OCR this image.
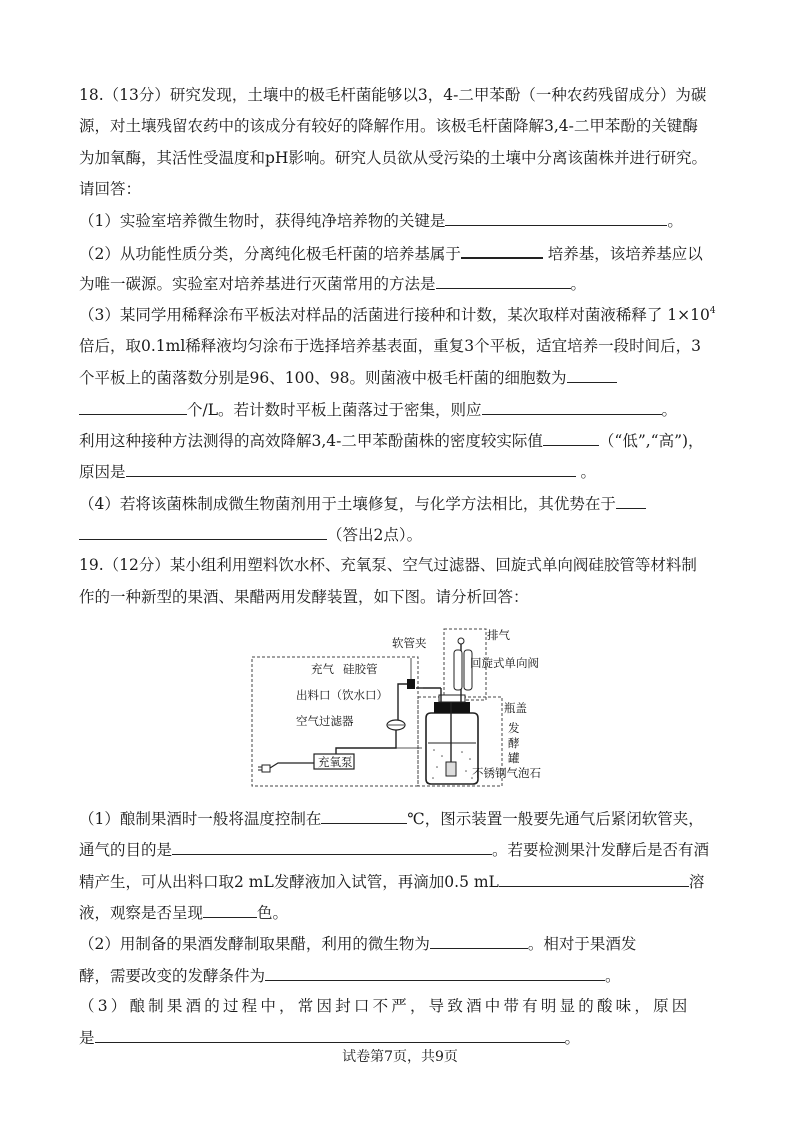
18.（13分）研究发现，土壤中的极毛杆菌能够以3，4-二甲苯酚（一种农药残留成分）为碳
源，对土壤残留农药中的该成分有较好的降解作用。该极毛杆菌降解3,4-二甲苯酚的关键酶
为加氧酶，其活性受温度和pH影响。研究人员欲从受污染的土壤中分离该菌株并进行研究。
请回答：
（1）实验室培养微生物时，获得纯净培养物的关键是	。
（2）从功能性质分类，分离纯化极毛杆菌的培养基属于	培养基，该培养基应以
为唯一碳源。实验室对培养基进行灭菌常用的方法是	。
（3）某同学用稀释涂布平板法对样品的活菌进行接种和计数，某次取样对菌液稀释了 $1\times 10^4$
倍后，取0.1ml稀释液均匀涂布于选择培养基表面，重复3个平板，适宜培养一段时间后，3
个平板上的菌落数分别是96、100、98。则菌液中极毛杆菌的细胞数为
个/L。若计数时平板上菌落过于密集，则应	。
利用这种接种方法测得的高效降解3,4-二甲苯酚菌株的密度较实际值	（“低”,“高”)，
原因是	。
（4）若将该菌株制成微生物菌剂用于土壤修复，与化学方法相比，其优势在于
（答出2点）。
19.（12分）某小组利用塑料饮水杯、充氧泵、空气过滤器、回旋式单向阀硅胶管等材料制
作的一种新型的果酒、果醋两用发酵装置，如下图。请分析回答：
软管夹
排气
回旋式单向阀
充气 硅胶管
出料口（饮水口）
空气过滤器
瓶盖
发
酵
罐
不锈钢气泡石
充氧泵
（1）酿制果酒时一般将温度控制在	℃，图示装置一般要先通气后紧闭软管夹，
通气的目的是	。若要检测果汁发酵后是否有酒
精产生，可从出料口取2 mL发酵液加入试管，再滴加0.5 mL	溶
液，观察是否呈现	色。
（2）用制备的果酒发酵制取果醋，利用的微生物为	。相对于果酒发
酵，需要改变的发酵条件为	。
（3）酿制果酒的过程中，常因封口不严，导致酒中带有明显的酸味，原因
是	。
试卷第7页，共9页
